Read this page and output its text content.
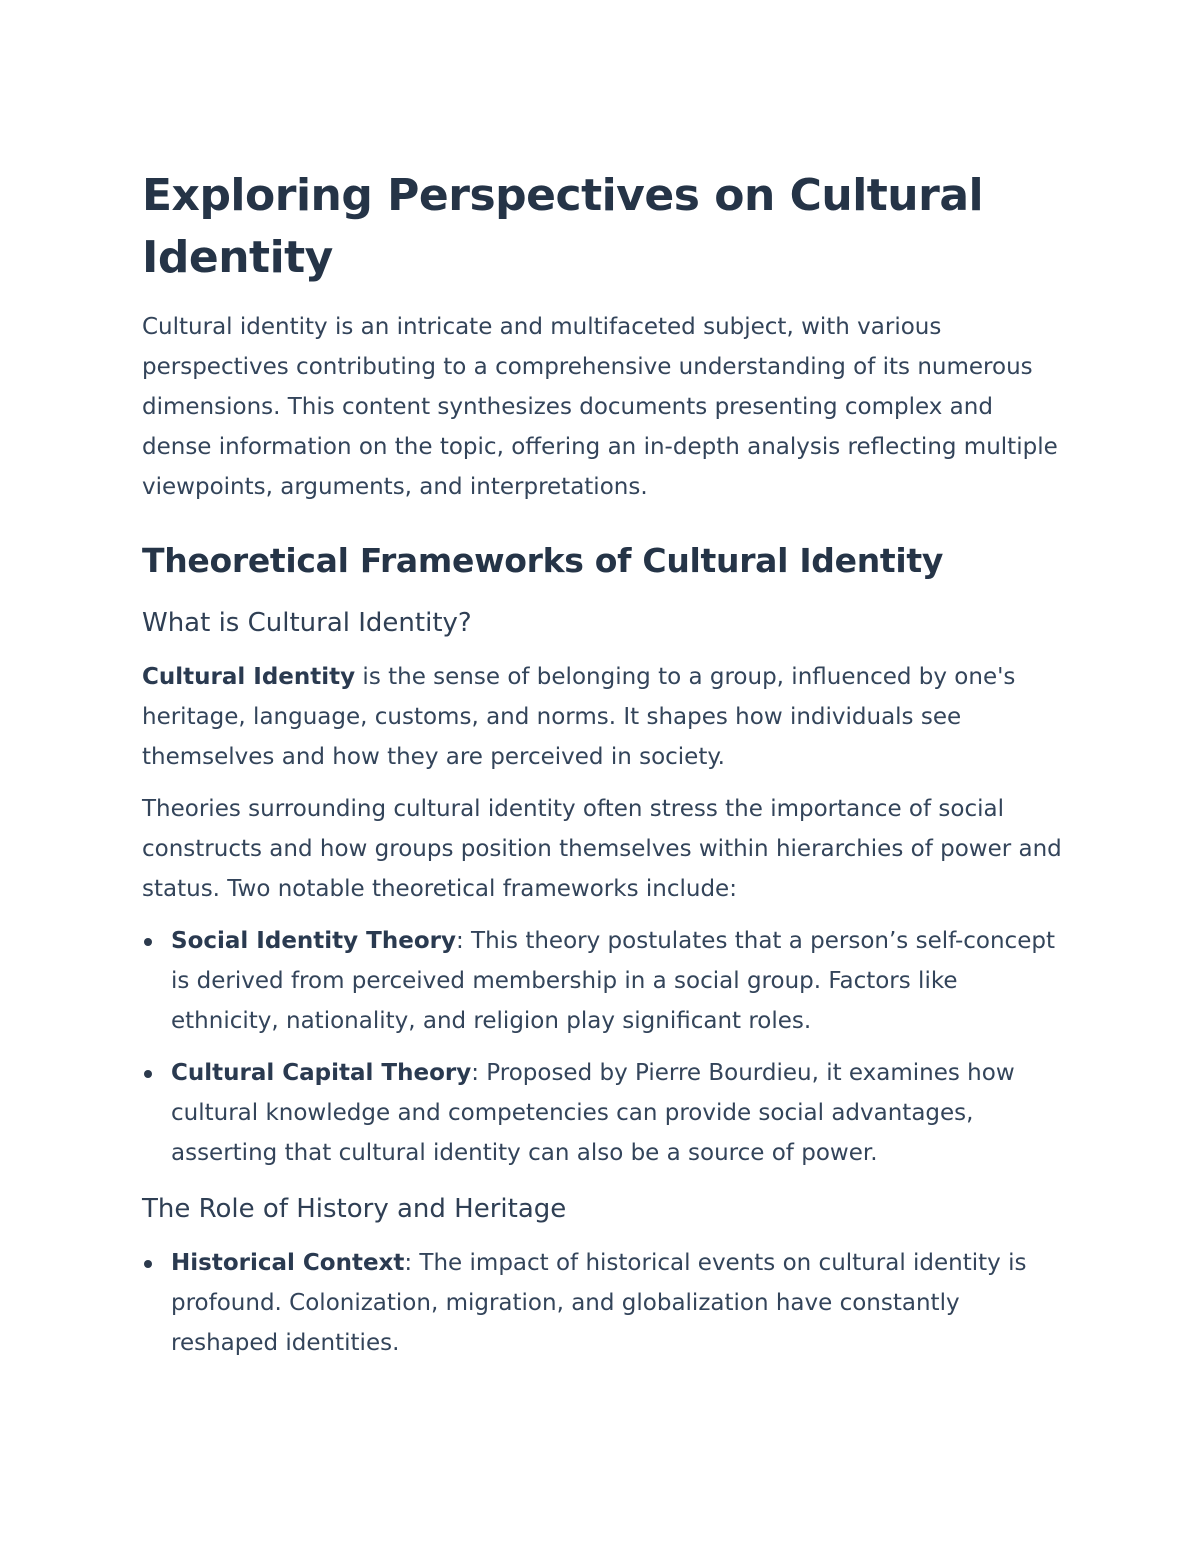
Exploring Perspectives on Cultural Identity

Cultural identity is an intricate and multifaceted subject, with various perspectives contributing to a comprehensive understanding of its numerous dimensions. This content synthesizes documents presenting complex and dense information on the topic, offering an in-depth analysis reflecting multiple viewpoints, arguments, and interpretations.

Theoretical Frameworks of Cultural Identity
What is Cultural Identity?

Cultural Identity is the sense of belonging to a group, influenced by one's heritage, language, customs, and norms. It shapes how individuals see themselves and how they are perceived in society.

Theories surrounding cultural identity often stress the importance of social constructs and how groups position themselves within hierarchies of power and status. Two notable theoretical frameworks include:

Social Identity Theory: This theory postulates that a person’s self-concept is derived from perceived membership in a social group. Factors like ethnicity, nationality, and religion play significant roles.
Cultural Capital Theory: Proposed by Pierre Bourdieu, it examines how cultural knowledge and competencies can provide social advantages, asserting that cultural identity can also be a source of power.
The Role of History and Heritage
Historical Context: The impact of historical events on cultural identity is profound. Colonization, migration, and globalization have constantly reshaped identities.
